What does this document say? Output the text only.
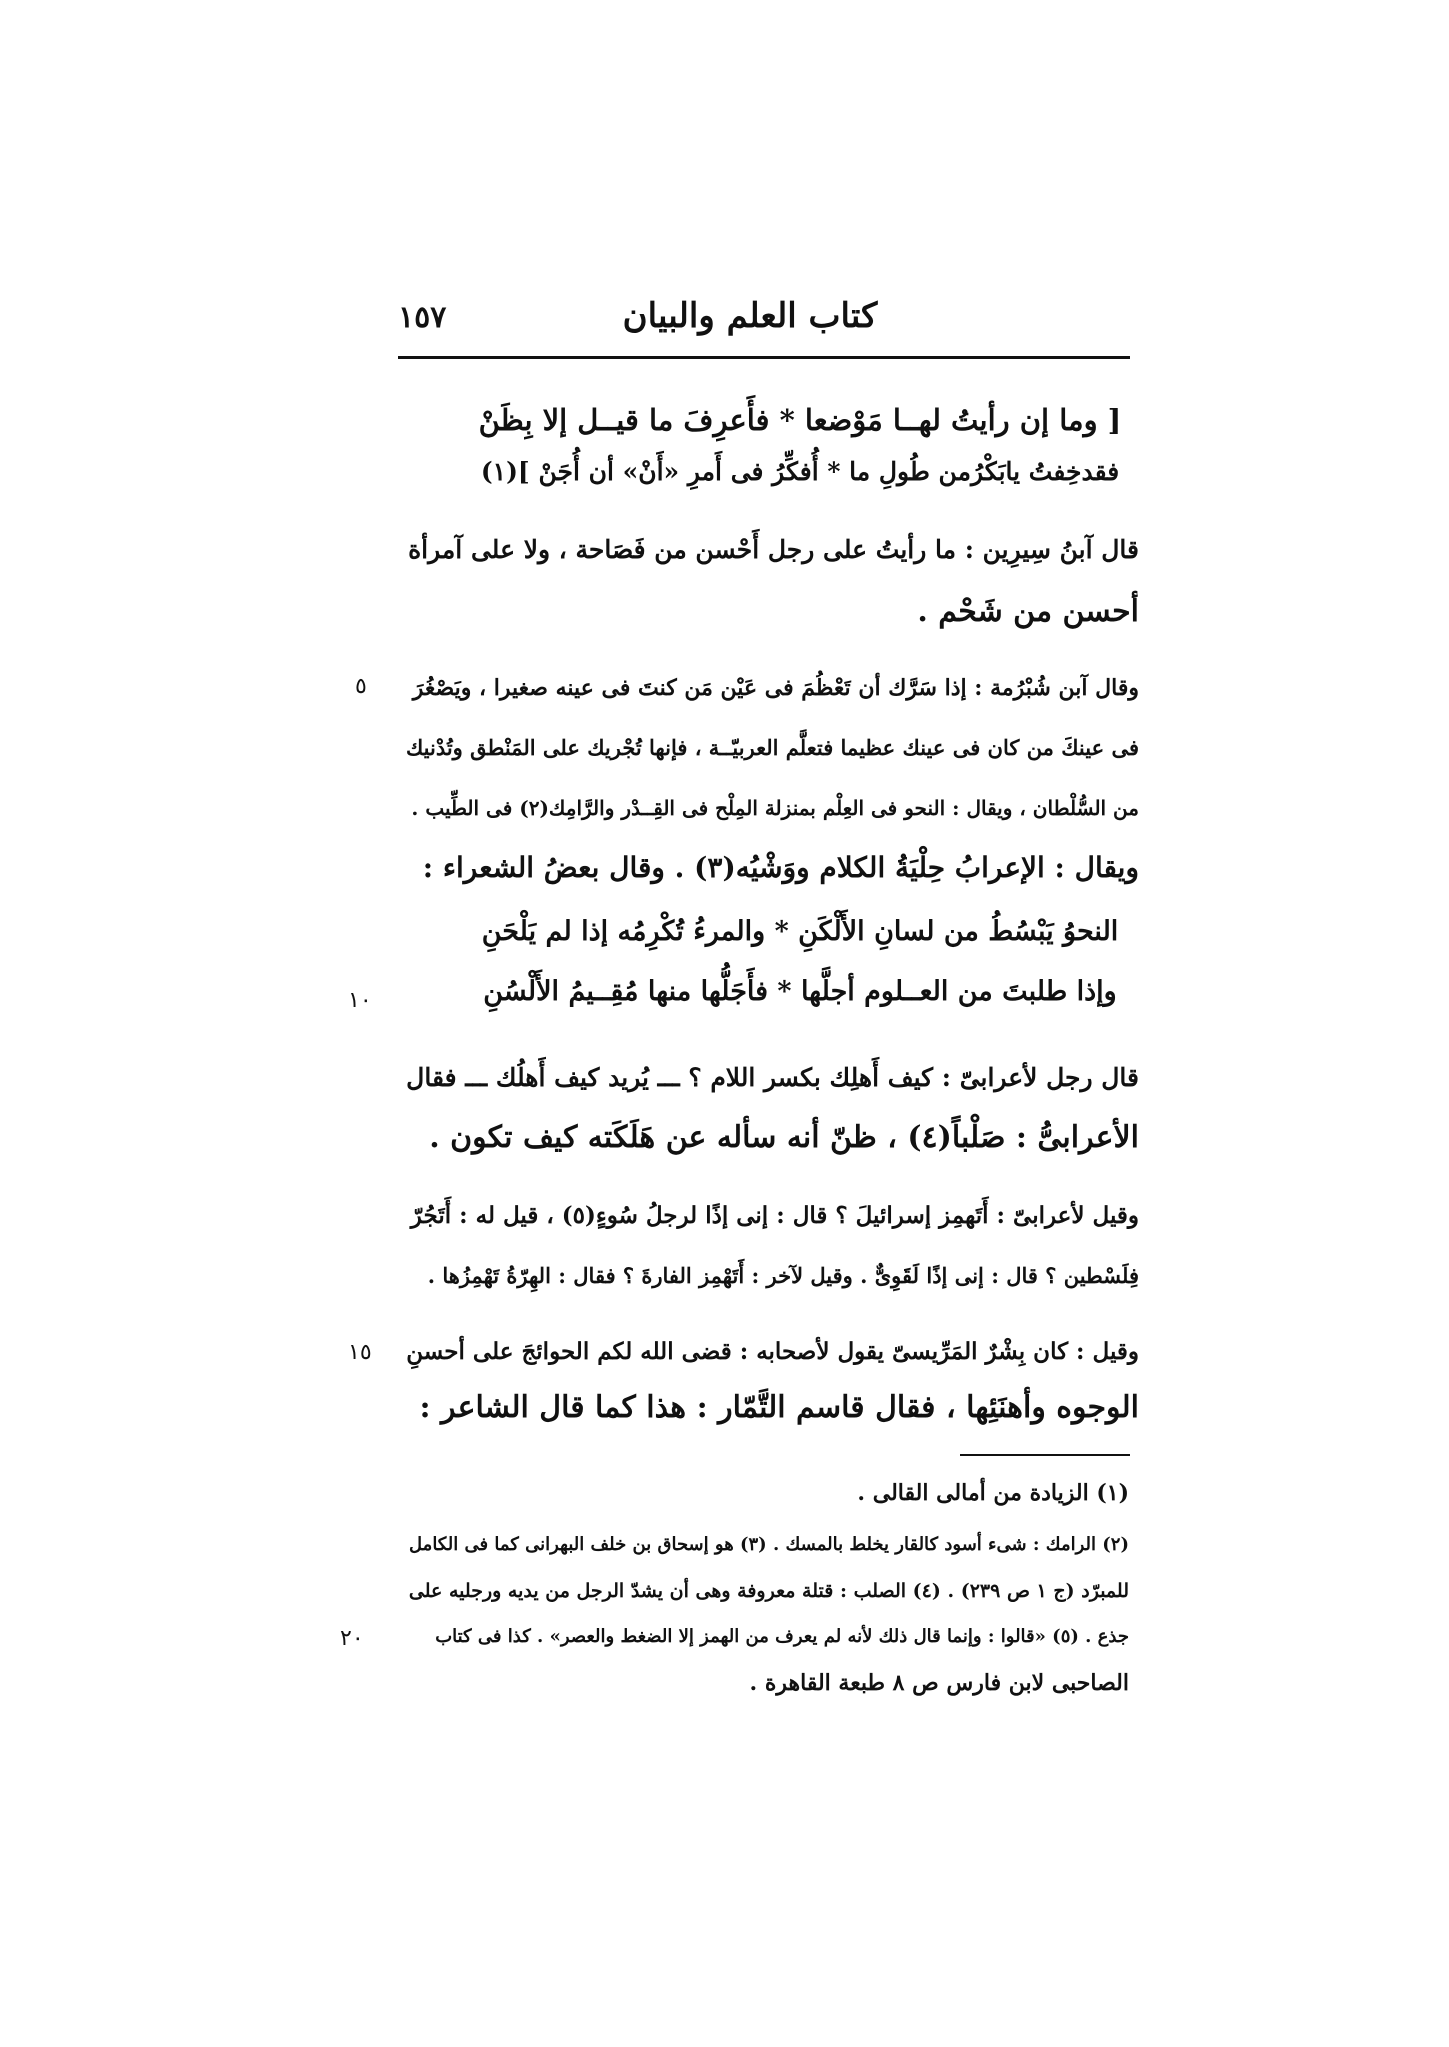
كتاب العلم والبيان
١٥٧
[ وما إن رأيتُ لهــا مَوْضعا * فأَعرِفَ ما قيــل إلا بِظَنْ
فقدخِفتُ يابَكْرُمن طُولِ ما * أُفكِّرُ فى أَمرِ «أَنْ» أن أُجَنْ ](١)
قال آبنُ سِيرِين : ما رأيتُ على رجل أَحْسن من فَصَاحة ، ولا على آمرأة
أحسن من شَحْم .
وقال آبن شُبْرُمة : إذا سَرَّك أن تَعْظُمَ فى عَيْن مَن كنتَ فى عينه صغيرا ، ويَصْغُرَ
٥
فى عينكَ من كان فى عينك عظيما فتعلَّم العربيّــة ، فإنها تُجْريك على المَنْطق وتُدْنيك
من السُّلْطان ، ويقال : النحو فى العِلْم بمنزلة المِلْح فى القِــدْر والرَّامِك(٢) فى الطِّيب .
ويقال : الإعرابُ حِلْيَةُ الكلام ووَشْيُه(٣) . وقال بعضُ الشعراء :
النحوُ يَبْسُطُ من لسانِ الأَلْكَنِ * والمرءُ تُكْرِمُه إذا لم يَلْحَنِ
وإذا طلبتَ من العــلوم أجلَّها * فأَجَلُّها منها مُقِــيمُ الأَلْسُنِ
١٠
قال رجل لأعرابىّ : كيف أَهلِك بكسر اللام ؟ ـــ يُريد كيف أَهلُك ـــ فقال
الأعرابىُّ : صَلْباً(٤) ، ظنّ أنه سأله عن هَلَكَته كيف تكون .
وقيل لأعرابىّ : أَتَهمِز إسرائيلَ ؟ قال : إنى إذًا لرجلُ سُوءٍ(٥) ، قيل له : أَتَجُرّ
فِلَسْطين ؟ قال : إنى إذًا لَقَوِىٌّ . وقيل لآخر : أَتَهْمِز الفارةَ ؟ فقال : الهِرّةُ تَهْمِزُها .
وقيل : كان بِشْرٌ المَرِّيسىّ يقول لأصحابه : قضى الله لكم الحوائجَ على أحسنِ
١٥
الوجوه وأهنَئِها ، فقال قاسم التَّمّار : هذا كما قال الشاعر :
(١) الزيادة من أمالى القالى .
(٢) الرامك : شىء أسود كالقار يخلط بالمسك . (٣) هو إسحاق بن خلف البهرانى كما فى الكامل
للمبرّد (ج ١ ص ٢٣٩) . (٤) الصلب : قتلة معروفة وهى أن يشدّ الرجل من يديه ورجليه على
جذع . (٥) «قالوا : وإنما قال ذلك لأنه لم يعرف من الهمز إلا الضغط والعصر» . كذا فى كتاب
٢٠
الصاحبى لابن فارس ص ٨ طبعة القاهرة .
